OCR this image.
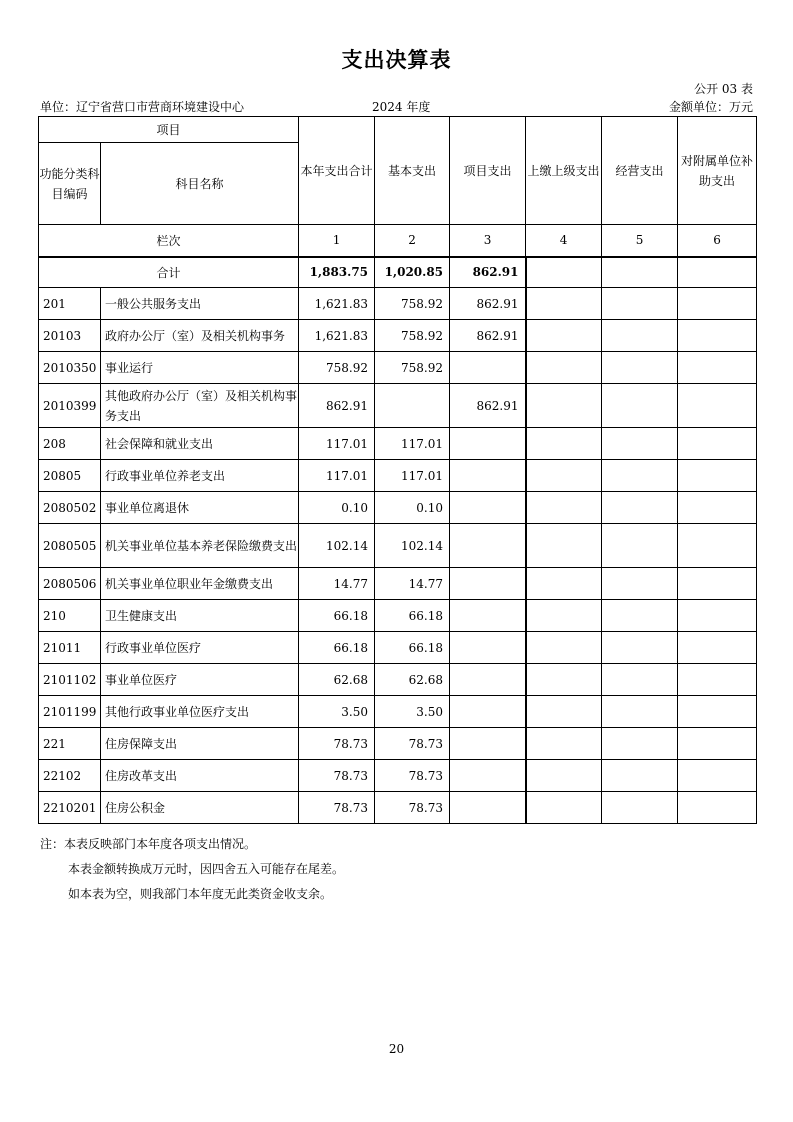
支出决算表
公开 03 表
单位：辽宁省营口市营商环境建设中心	2024 年度	金额单位：万元
项目		本年支出合计	基本支出	项目支出	上缴上级支出	经营支出	对附属单位补助支出
功能分类科目编码	科目名称						
栏次		1	2	3	4	5	6
合计		1,883.75	1,020.85	862.91			
201	一般公共服务支出	1,621.83	758.92	862.91			
20103	政府办公厅（室）及相关机构事务	1,621.83	758.92	862.91			
2010350	事业运行	758.92	758.92				
2010399	其他政府办公厅（室）及相关机构事务支出	862.91		862.91			
208	社会保障和就业支出	117.01	117.01				
20805	行政事业单位养老支出	117.01	117.01				
2080502	事业单位离退休	0.10	0.10				
2080505	机关事业单位基本养老保险缴费支出	102.14	102.14				
2080506	机关事业单位职业年金缴费支出	14.77	14.77				
210	卫生健康支出	66.18	66.18				
21011	行政事业单位医疗	66.18	66.18				
2101102	事业单位医疗	62.68	62.68				
2101199	其他行政事业单位医疗支出	3.50	3.50				
221	住房保障支出	78.73	78.73				
22102	住房改革支出	78.73	78.73				
2210201	住房公积金	78.73	78.73				
注：本表反映部门本年度各项支出情况。
本表金额转换成万元时，因四舍五入可能存在尾差。
如本表为空，则我部门本年度无此类资金收支余。
20
